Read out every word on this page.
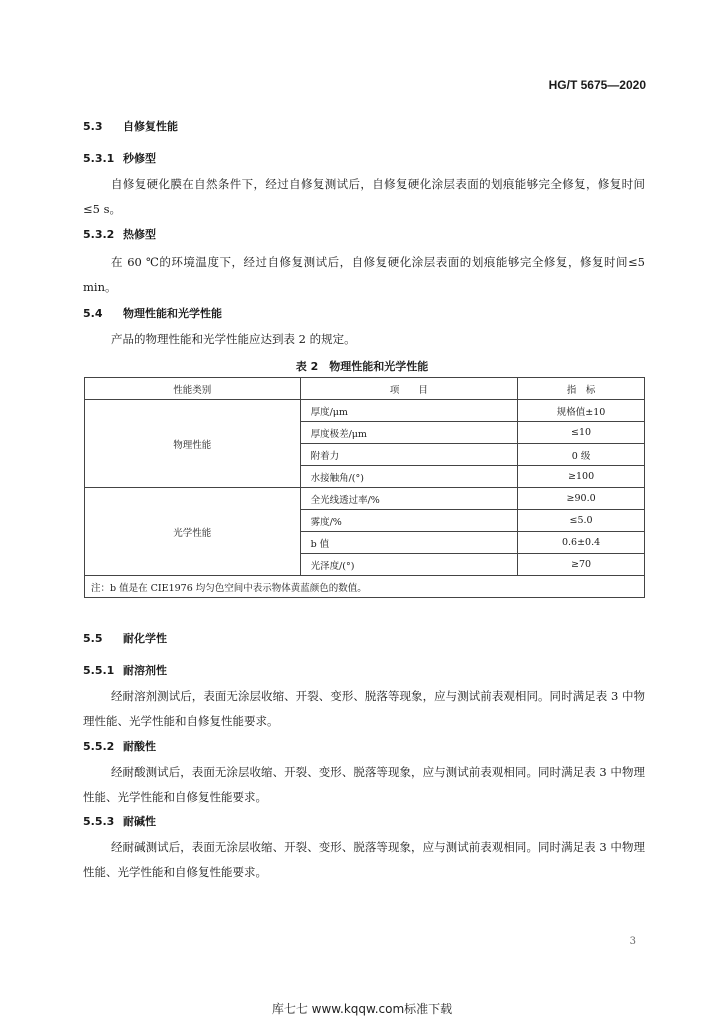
HG/T 5675—2020
5.3 自修复性能
5.3.1 秒修型
自修复硬化膜在自然条件下，经过自修复测试后，自修复硬化涂层表面的划痕能够完全修复，修复时间≤5 s。
5.3.2 热修型
在 60 ℃的环境温度下，经过自修复测试后，自修复硬化涂层表面的划痕能够完全修复，修复时间≤5 min。
5.4 物理性能和光学性能
产品的物理性能和光学性能应达到表 2 的规定。
表 2　物理性能和光学性能
性能类别	项　　目	指　标
物理性能	厚度/μm	规格值±10
	厚度极差/μm	≤10
	附着力	0 级
	水接触角/(°)	≥100
光学性能	全光线透过率/%	≥90.0
	雾度/%	≤5.0
	b 值	0.6±0.4
	光泽度/(°)	≥70
注：b 值是在 CIE1976 均匀色空间中表示物体黄蓝颜色的数值。		
5.5 耐化学性
5.5.1 耐溶剂性
经耐溶剂测试后，表面无涂层收缩、开裂、变形、脱落等现象，应与测试前表观相同。同时满足表 3 中物理性能、光学性能和自修复性能要求。
5.5.2 耐酸性
经耐酸测试后，表面无涂层收缩、开裂、变形、脱落等现象，应与测试前表观相同。同时满足表 3 中物理性能、光学性能和自修复性能要求。
5.5.3 耐碱性
经耐碱测试后，表面无涂层收缩、开裂、变形、脱落等现象，应与测试前表观相同。同时满足表 3 中物理性能、光学性能和自修复性能要求。
3
库七七 www.kqqw.com标准下载
